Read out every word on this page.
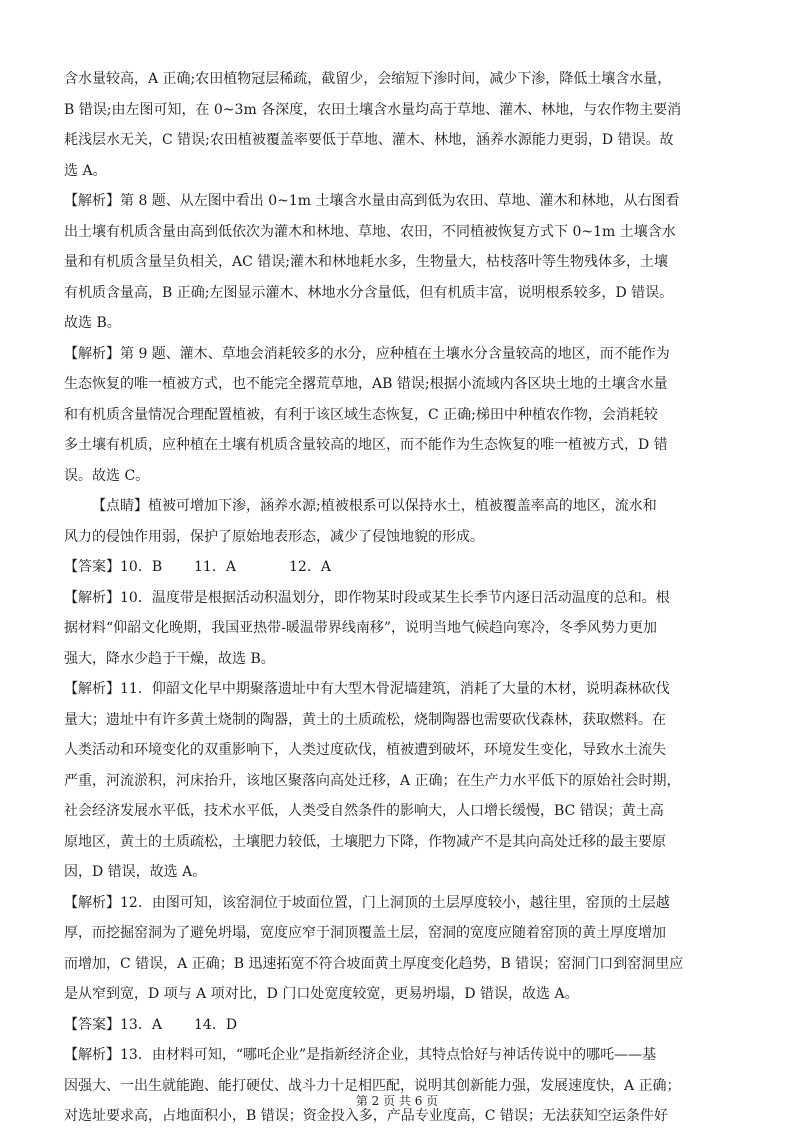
含水量较高，A 正确;农田植物冠层稀疏，截留少，会缩短下渗时间，减少下渗，降低土壤含水量，
B 错误;由左图可知，在 0~3m 各深度，农田土壤含水量均高于草地、灌木、林地，与农作物主要消
耗浅层水无关，C 错误;农田植被覆盖率要低于草地、灌木、林地，涵养水源能力更弱，D 错误。故
选 A。
【解析】第 8 题、从左图中看出 0~1m 土壤含水量由高到低为农田、草地、灌木和林地，从右图看
出土壤有机质含量由高到低依次为灌木和林地、草地、农田，不同植被恢复方式下 0~1m 土壤含水
量和有机质含量呈负相关，AC 错误;灌木和林地耗水多，生物量大，枯枝落叶等生物残体多，土壤
有机质含量高，B 正确;左图显示灌木、林地水分含量低，但有机质丰富，说明根系较多，D 错误。
故选 B。
【解析】第 9 题、灌木、草地会消耗较多的水分，应种植在土壤水分含量较高的地区，而不能作为
生态恢复的唯一植被方式，也不能完全撂荒草地，AB 错误;根据小流域内各区块土地的土壤含水量
和有机质含量情况合理配置植被，有利于该区域生态恢复，C 正确;梯田中种植农作物，会消耗较
多土壤有机质，应种植在土壤有机质含量较高的地区，而不能作为生态恢复的唯一植被方式，D 错
误。故选 C。
【点睛】植被可增加下渗，涵养水源;植被根系可以保持水土，植被覆盖率高的地区，流水和
风力的侵蚀作用弱，保护了原始地表形态，减少了侵蚀地貌的形成。
【答案】10．B	11．A	12．A
【解析】10．温度带是根据活动积温划分，即作物某时段或某生长季节内逐日活动温度的总和。根
据材料“仰韶文化晚期，我国亚热带-暖温带界线南移”，说明当地气候趋向寒冷，冬季风势力更加
强大，降水少趋于干燥，故选 B。
【解析】11．仰韶文化早中期聚落遗址中有大型木骨泥墙建筑，消耗了大量的木材，说明森林砍伐
量大；遗址中有许多黄土烧制的陶器，黄土的土质疏松，烧制陶器也需要砍伐森林，获取燃料。在
人类活动和环境变化的双重影响下，人类过度砍伐，植被遭到破坏，环境发生变化，导致水土流失
严重，河流淤积，河床抬升，该地区聚落向高处迁移，A 正确；在生产力水平低下的原始社会时期，
社会经济发展水平低，技术水平低，人类受自然条件的影响大，人口增长缓慢，BC 错误；黄土高
原地区，黄土的土质疏松，土壤肥力较低，土壤肥力下降，作物减产不是其向高处迁移的最主要原
因，D 错误，故选 A。
【解析】12．由图可知，该窑洞位于坡面位置，门上洞顶的土层厚度较小，越往里，窑顶的土层越
厚，而挖掘窑洞为了避免坍塌，宽度应窄于洞顶覆盖土层，窑洞的宽度应随着窑顶的黄土厚度增加
而增加，C 错误，A 正确；B 迅速拓宽不符合坡面黄土厚度变化趋势，B 错误；窑洞门口到窑洞里应
是从窄到宽，D 项与 A 项对比，D 门口处宽度较宽，更易坍塌，D 错误，故选 A。
【答案】13．A	14．D
【解析】13．由材料可知，“哪吒企业”是指新经济企业，其特点恰好与神话传说中的哪吒——基
因强大、一出生就能跑、能打硬仗、战斗力十足相匹配，说明其创新能力强，发展速度快，A 正确；
对选址要求高，占地面积小，B 错误；资金投入多，产品专业度高，C 错误；无法获知空运条件好
第 2 页 共 6 页
